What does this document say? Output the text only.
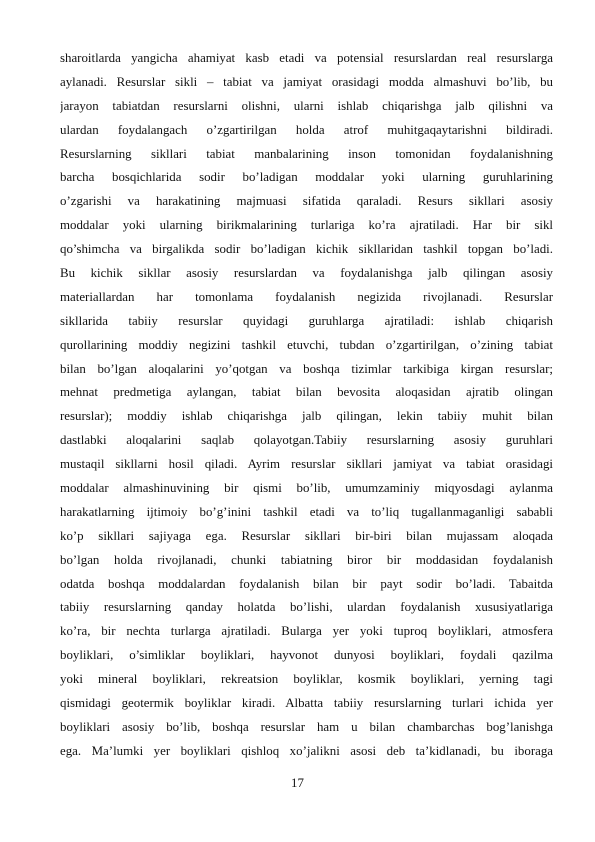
sharoitlarda yangicha ahamiyat kasb etadi va potensial resurslardan real resurslarga
aylanadi. Resurslar sikli – tabiat va jamiyat orasidagi modda almashuvi bo’lib, bu
jarayon tabiatdan resurslarni olishni, ularni ishlab chiqarishga jalb qilishni va
ulardan foydalangach o’zgartirilgan holda atrof muhitgaqaytarishni bildiradi.
Resurslarning sikllari tabiat manbalarining inson tomonidan foydalanishning
barcha bosqichlarida sodir bo’ladigan moddalar yoki ularning guruhlarining
o’zgarishi va harakatining majmuasi sifatida qaraladi. Resurs sikllari asosiy
moddalar yoki ularning birikmalarining turlariga ko’ra ajratiladi. Har bir sikl
qo’shimcha va birgalikda sodir bo’ladigan kichik sikllaridan tashkil topgan bo’ladi.
Bu kichik sikllar asosiy resurslardan va foydalanishga jalb qilingan asosiy
materiallardan har tomonlama foydalanish negizida rivojlanadi. Resurslar
sikllarida tabiiy resurslar quyidagi guruhlarga ajratiladi: ishlab chiqarish
qurollarining moddiy negizini tashkil etuvchi, tubdan o’zgartirilgan, o’zining tabiat
bilan bo’lgan aloqalarini yo’qotgan va boshqa tizimlar tarkibiga kirgan resurslar;
mehnat predmetiga aylangan, tabiat bilan bevosita aloqasidan ajratib olingan
resurslar); moddiy ishlab chiqarishga jalb qilingan, lekin tabiiy muhit bilan
dastlabki aloqalarini saqlab qolayotgan.Tabiiy resurslarning asosiy guruhlari
mustaqil sikllarni hosil qiladi. Ayrim resurslar sikllari jamiyat va tabiat orasidagi
moddalar almashinuvining bir qismi bo’lib, umumzaminiy miqyosdagi aylanma
harakatlarning ijtimoiy bo’g’inini tashkil etadi va to’liq tugallanmaganligi sababli
ko’p sikllari sajiyaga ega. Resurslar sikllari bir-biri bilan mujassam aloqada
bo’lgan holda rivojlanadi, chunki tabiatning biror bir moddasidan foydalanish
odatda boshqa moddalardan foydalanish bilan bir payt sodir bo’ladi. Tabaitda
tabiiy resurslarning qanday holatda bo’lishi, ulardan foydalanish xususiyatlariga
ko’ra, bir nechta turlarga ajratiladi. Bularga yer yoki tuproq boyliklari, atmosfera
boyliklari, o’simliklar boyliklari, hayvonot dunyosi boyliklari, foydali qazilma
yoki mineral boyliklari, rekreatsion boyliklar, kosmik boyliklari, yerning tagi
qismidagi geotermik boyliklar kiradi. Albatta tabiiy resurslarning turlari ichida yer
boyliklari asosiy bo’lib, boshqa resurslar ham u bilan chambarchas bog’lanishga
ega. Ma’lumki yer boyliklari qishloq xo’jalikni asosi deb ta’kidlanadi, bu iboraga
17
